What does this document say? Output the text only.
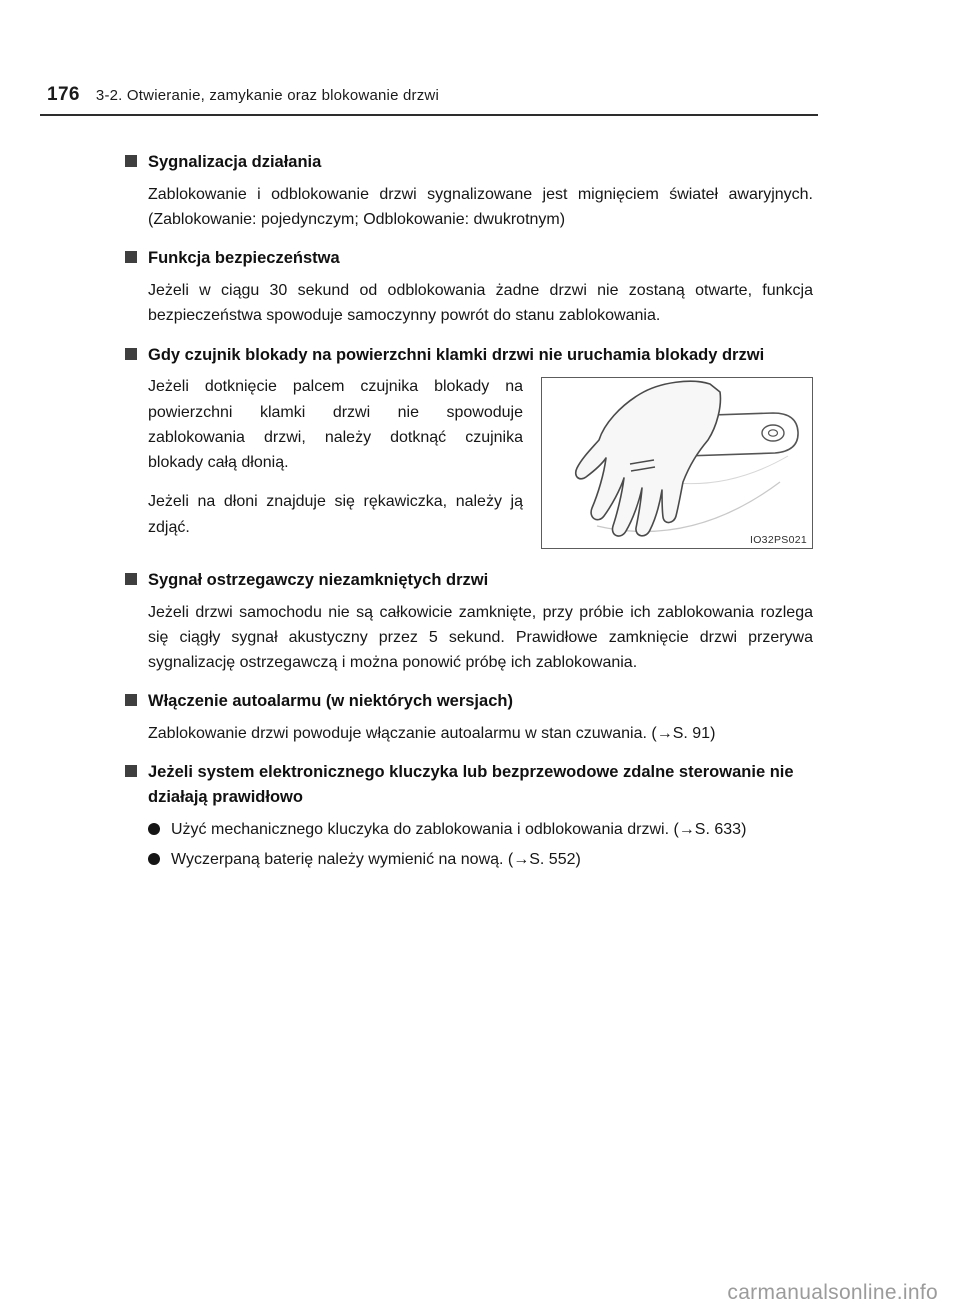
176 3-2. Otwieranie, zamykanie oraz blokowanie drzwi
Sygnalizacja działania

Zablokowanie i odblokowanie drzwi sygnalizowane jest mignięciem świateł awaryjnych. (Zablokowanie: pojedynczym; Odblokowanie: dwukrotnym)

Funkcja bezpieczeństwa

Jeżeli w ciągu 30 sekund od odblokowania żadne drzwi nie zostaną otwarte, funkcja bezpieczeństwa spowoduje samoczynny powrót do stanu zablokowania.

Gdy czujnik blokady na powierzchni klamki drzwi nie uruchamia blokady drzwi

Jeżeli dotknięcie palcem czujnika blokady na powierzchni klamki drzwi nie spowoduje zablokowania drzwi, należy dotknąć czujnika blokady całą dłonią.

Jeżeli na dłoni znajduje się rękawiczka, należy ją zdjąć.

IO32PS021
Sygnał ostrzegawczy niezamkniętych drzwi

Jeżeli drzwi samochodu nie są całkowicie zamknięte, przy próbie ich zablokowania rozlega się ciągły sygnał akustyczny przez 5 sekund. Prawidłowe zamknięcie drzwi przerywa sygnalizację ostrzegawczą i można ponowić próbę ich zablokowania.

Włączenie autoalarmu (w niektórych wersjach)

Zablokowanie drzwi powoduje włączanie autoalarmu w stan czuwania. (→S. 91)

Jeżeli system elektronicznego kluczyka lub bezprzewodowe zdalne sterowanie nie działają prawidłowo

Użyć mechanicznego kluczyka do zablokowania i odblokowania drzwi. (→S. 633)

Wyczerpaną baterię należy wymienić na nową. (→S. 552)

carmanualsonline.info
